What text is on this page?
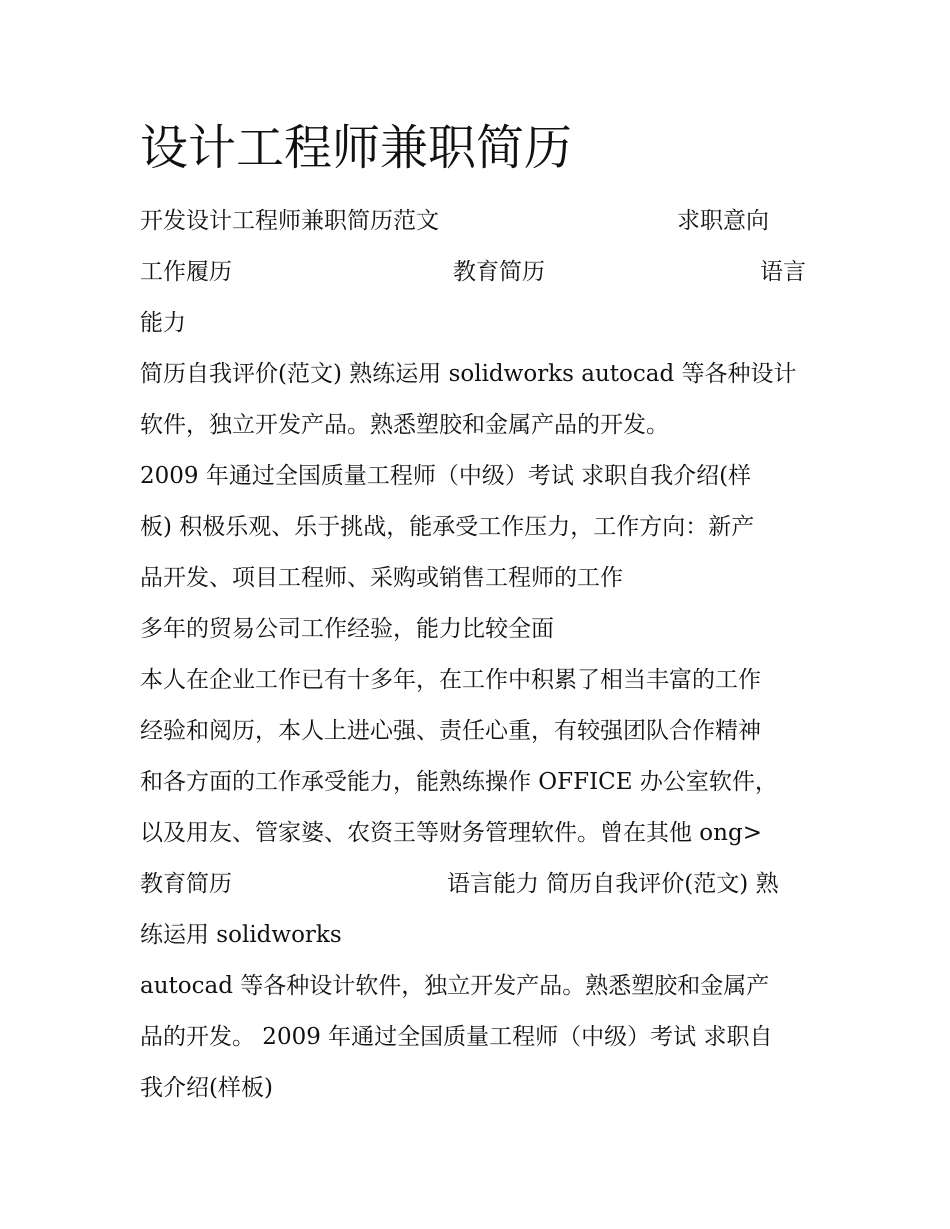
设计工程师兼职简历
开发设计工程师兼职简历范文	求职意向
工作履历	教育简历	语言
能力
简历自我评价(范文) 熟练运用 solidworks autocad 等各种设计
软件，独立开发产品。熟悉塑胶和金属产品的开发。
2009 年通过全国质量工程师（中级）考试 求职自我介绍(样
板) 积极乐观、乐于挑战，能承受工作压力，工作方向：新产
品开发、项目工程师、采购或销售工程师的工作
多年的贸易公司工作经验，能力比较全面
本人在企业工作已有十多年，在工作中积累了相当丰富的工作
经验和阅历，本人上进心强、责任心重，有较强团队合作精神
和各方面的工作承受能力，能熟练操作 OFFICE 办公室软件，
以及用友、管家婆、农资王等财务管理软件。曾在其他 ong>
教育简历	语言能力 简历自我评价(范文) 熟
练运用 solidworks
autocad 等各种设计软件，独立开发产品。熟悉塑胶和金属产
品的开发。 2009 年通过全国质量工程师（中级）考试 求职自
我介绍(样板)
